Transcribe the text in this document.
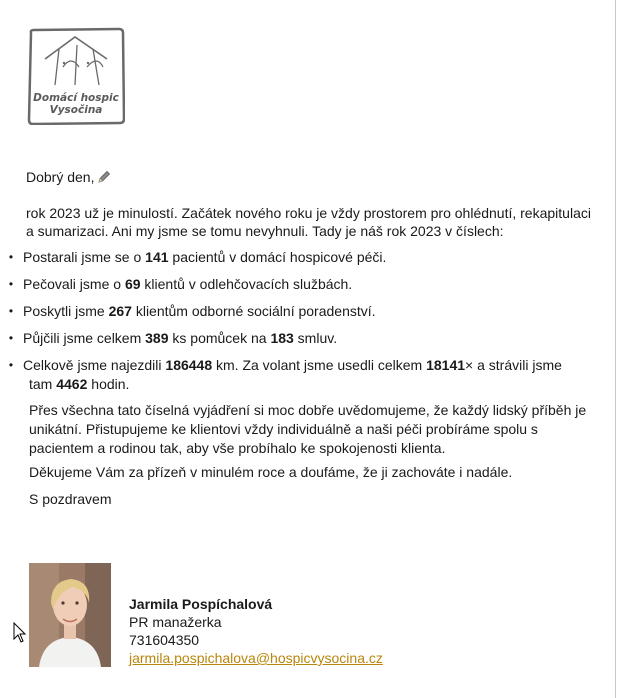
Domácí hospic
Vysočina
Dobrý den,
rok 2023 už je minulostí. Začátek nového roku je vždy prostorem pro ohlédnutí, rekapitulaci a sumarizaci. Ani my jsme se tomu nevyhnuli. Tady je náš rok 2023 v číslech:
• Postarali jsme se o 141 pacientů v domácí hospicové péči.
• Pečovali jsme o 69 klientů v odlehčovacích službách.
• Poskytli jsme 267 klientům odborné sociální poradenství.
• Půjčili jsme celkem 389 ks pomůcek na 183 smluv.
• Celkově jsme najezdili 186448 km. Za volant jsme usedli celkem 18141× a strávili jsme
tam 4462 hodin.
Přes všechna tato číselná vyjádření si moc dobře uvědomujeme, že každý lidský příběh je unikátní. Přistupujeme ke klientovi vždy individuálně a naši péči probíráme spolu s pacientem a rodinou tak, aby vše probíhalo ke spokojenosti klienta.
Děkujeme Vám za přízeň v minulém roce a doufáme, že ji zachováte i nadále.
S pozdravem
Jarmila Pospíchalová
PR manažerka
731604350
jarmila.pospichalova@hospicvysocina.cz
